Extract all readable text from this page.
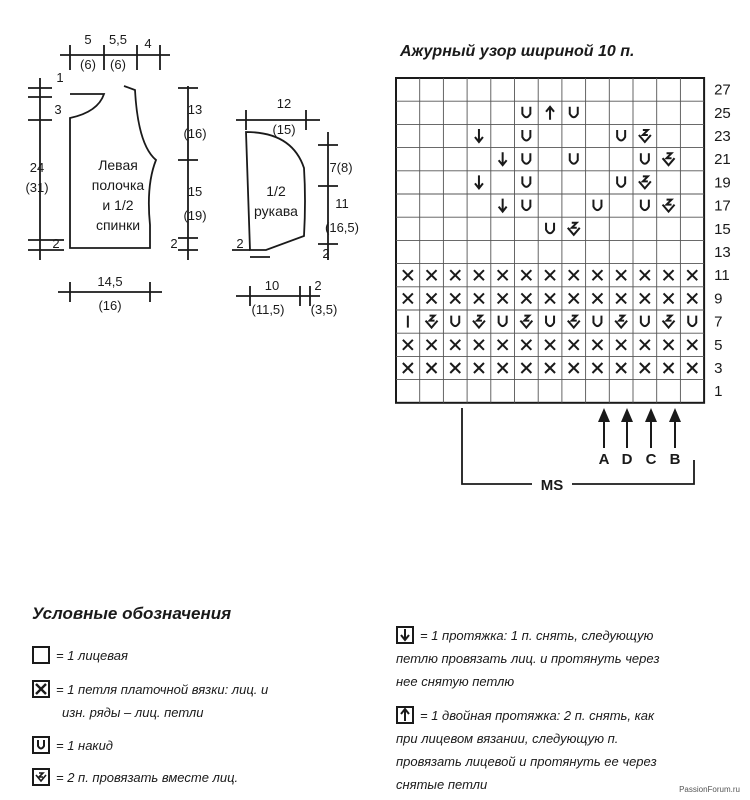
Левая
полочка
и 1/2
спинки
5
(6)
5,5
(6)
4
1
3
24
(31)
2
13
(16)
15
(19)
2
14,5
(16)
1/2
рукава
12
(15)
7(8)
11
(16,5)
2
2
10
(11,5)
2
(3,5)
Ажурный узор шириной 10 п.
27
25
23
21
19
17
15
13
11
9
7
5
3
1
MS
A D C B
Условные обозначения
= 1 лицевая
= 1 петля платочной вязки: лиц. и
изн. ряды – лиц. петли
= 1 накид
= 2 п. провязать вместе лиц.
= 1 протяжка: 1 п. снять, следующую
петлю провязать лиц. и протянуть через
нее снятую петлю
= 1 двойная протяжка: 2 п. снять, как
при лицевом вязании, следующую п.
провязать лицевой и протянуть ее через
снятые петли	PassionForum.ru
